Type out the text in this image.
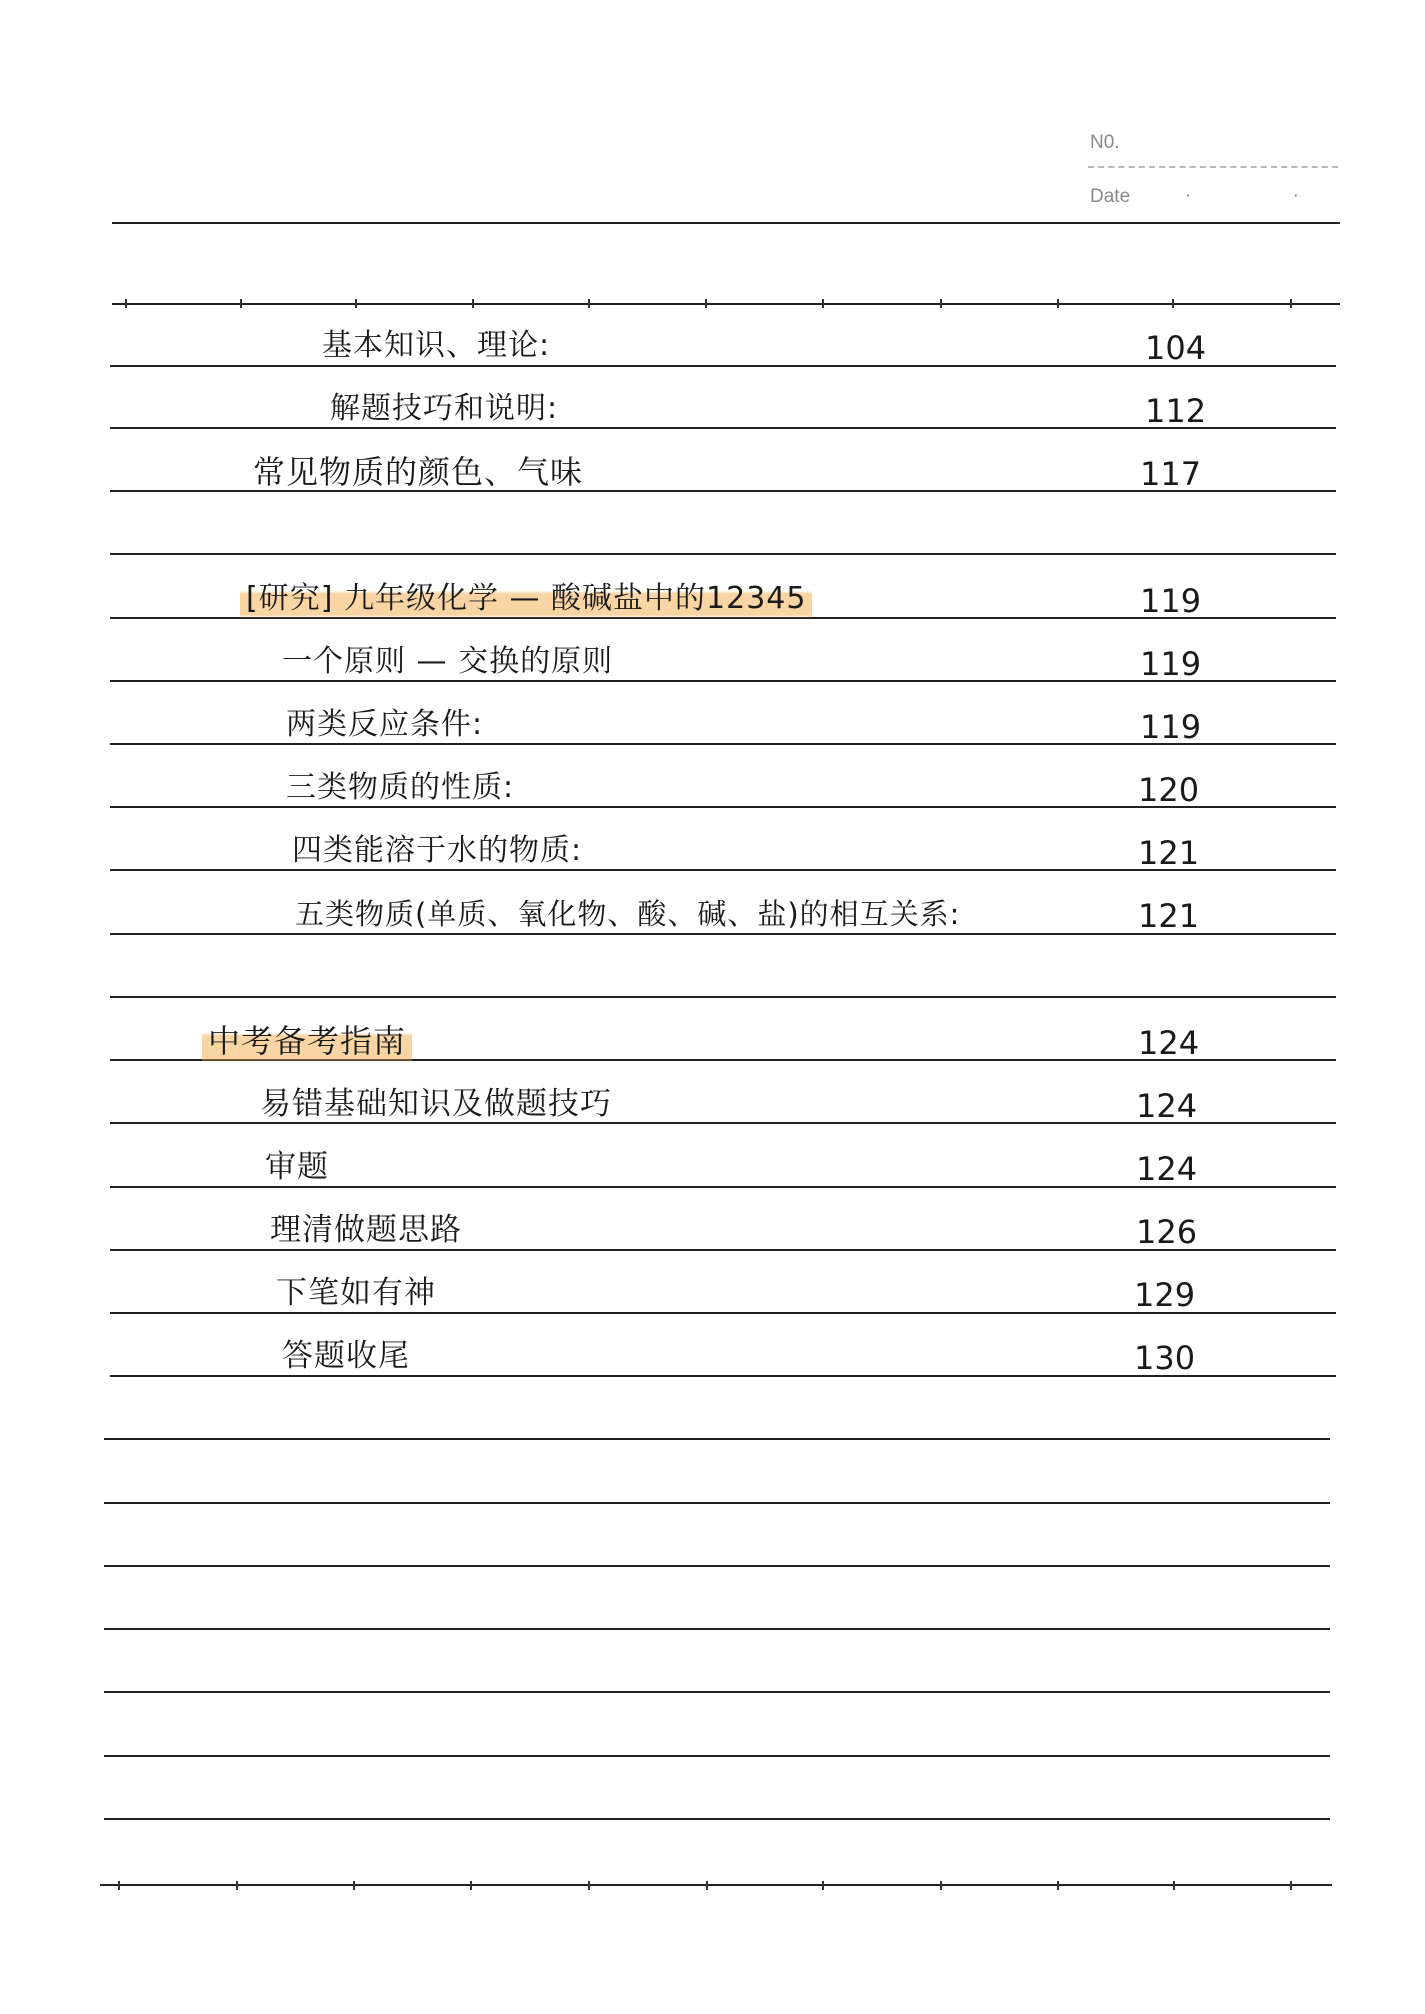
N0.
Date	· ·
基本知识、理论:	104
解题技巧和说明:	112
常见物质的颜色、气味	117
[研究] 九年级化学 — 酸碱盐中的12345	119
一个原则 — 交换的原则	119
两类反应条件:	119
三类物质的性质:	120
四类能溶于水的物质:	121
五类物质(单质、氧化物、酸、碱、盐)的相互关系:	121
中考备考指南	124
易错基础知识及做题技巧	124
审题	124
理清做题思路	126
下笔如有神	129
答题收尾	130
